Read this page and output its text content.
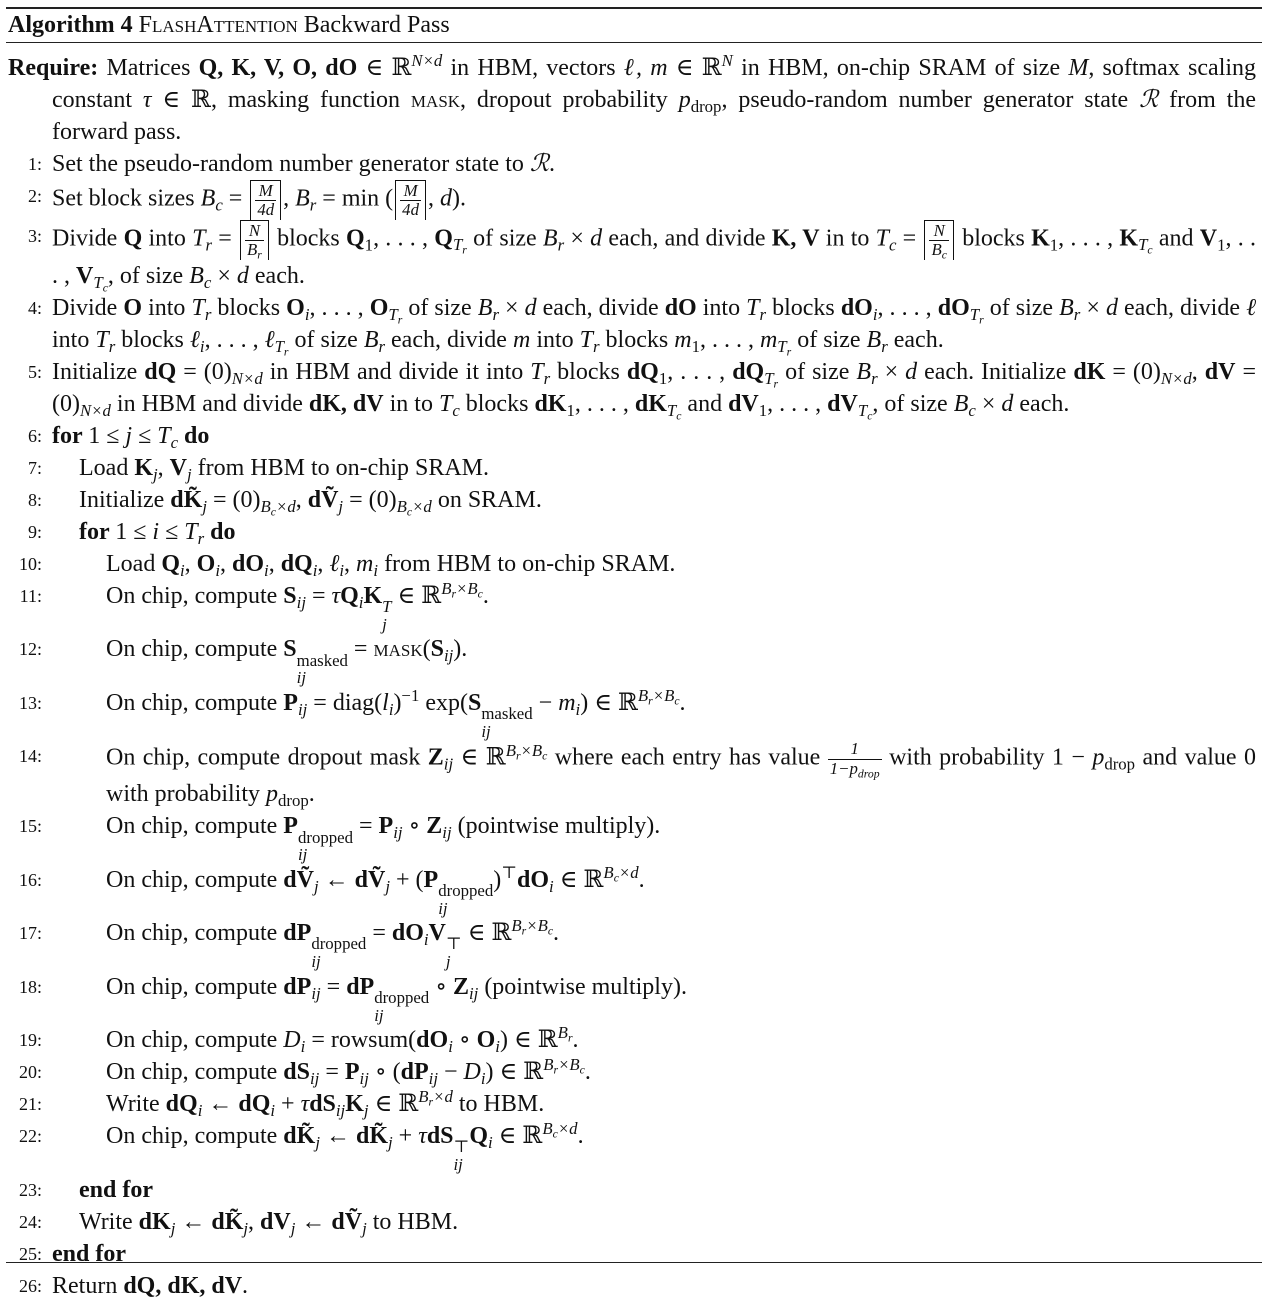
Algorithm 4 FlashAttention Backward Pass
Require: Matrices Q, K, V, O, dO ∈ ℝ$^{N\times d}$ in HBM, vectors ℓ, m ∈ ℝ$^N$ in HBM, on-chip SRAM of size M, softmax scaling constant τ ∈ ℝ, masking function mask, dropout probability $p_{drop}$, pseudo-random number generator state ℛ from the forward pass.
1: Set the pseudo-random number generator state to ℛ.
2: Set block sizes $B_c = \frac{M}{4d}$ , $B_r = \min$ ( $\frac{M}{4d}$ , d).
3: Divide Q into $T_r = \frac{N}{B_r}$ blocks $Q_1$, . . . , $Q_{T_r}$ of size $B_r \times d$ each, and divide K, V in to $T_c = \frac{N}{B_c}$ blocks $K_1$, . . . , $K_{T_c}$ and $V_1$, . . . , $V_{T_c}$, of size $B_c \times d$ each.
4: Divide O into $T_r$ blocks $O_i$, . . . , $O_{T_r}$ of size $B_r \times d$ each, divide dO into $T_r$ blocks $dO_i$, . . . , $dO_{T_r}$ of size $B_r \times d$ each, divide ℓ into $T_r$ blocks ℓ$_i$, . . . , ℓ$_{T_r}$ of size $B_r$ each, divide m into $T_r$ blocks $m_1$, . . . , $m_{T_r}$ of size $B_r$ each.
5: Initialize dQ = $(0)_{N\times d}$ in HBM and divide it into $T_r$ blocks $dQ_1$, . . . , $dQ_{T_r}$ of size $B_r \times d$ each. Initialize dK = $(0)_{N\times d}$, dV = $(0)_{N\times d}$ in HBM and divide dK, dV in to $T_c$ blocks $dK_1$, . . . , $dK_{T_c}$ and $dV_1$, . . . , $dV_{T_c}$, of size $B_c \times d$ each.
6: for $1 \le j \le T_c$ do
7:	Load $K_j$, $V_j$ from HBM to on-chip SRAM.
8:	Initialize $dK̃_j = (0)_{B_c\times d}$, dṼ$_j$ = $(0)_{B_c\times d}$ on SRAM.
9:	for $1 \le i \le T_r$ do
10:	Load $Q_i$, $O_i$, $dO_i$, $dQ_i$, ℓ$_i$, $m_i$ from HBM to on-chip SRAM.
11:	On chip, compute $S_{ij} = \tau Q_iK$ T
j
∈ ℝ$^{B_r\times B_c}$.
12:	On chip, compute S masked
ij
= $mask(S_{ij})$.
13:	On chip, compute $P_{ij}$ = $diag(l_i)^{-1}$ exp(S masked
ij
− $m_i$) ∈ ℝ$^{B_r\times B_c}$.
14:	On chip, compute dropout mask $Z_{ij}$ ∈ ℝ$^{B_r\times B_c}$ where each entry has value 1
$1-p_{drop}$
with probability $1 - p_{drop}$ and value 0 with probability $p_{drop}$.
15:	On chip, compute P dropped
ij
= $P_{ij}$ ∘ $Z_{ij}$ (pointwise multiply).
16:	On chip, compute dṼ$_j$ ← dṼ$_j$ + (P dropped
ij
)$^⊤dO_i$ ∈ ℝ$^{B_c\times d}$.
17:	On chip, compute dP dropped
ij
= $dO_iV$ ⊤
j
∈ ℝ$^{B_r\times B_c}$.
18:	On chip, compute $dP_{ij}$ = dP dropped
ij
∘ $Z_{ij}$ (pointwise multiply).
19:	On chip, compute $D_i$ = $rowsum(dO_i$ ∘ $O_i$) ∈ ℝ$^{B_r}$.
20:	On chip, compute $dS_{ij} = P_{ij}$ ∘ $(dP_{ij} - D_i)$ ∈ ℝ$^{B_r\times B_c}$.
21:	Write $dQ_i$ ← $dQ_i + \tau dS_{ij}K_j$ ∈ ℝ$^{B_r\times d}$ to HBM.
22:	On chip, compute $dK̃_j$ ← $dK̃_j + \tau dS$ ⊤
ij
$Q_i$ ∈ ℝ$^{B_c\times d}$.
23:	end for
24:	Write $dK_j$ ← $dK̃_j$, $dV_j$ ← dṼ$_j$ to HBM.
25: end for
26: Return dQ, dK, dV.
